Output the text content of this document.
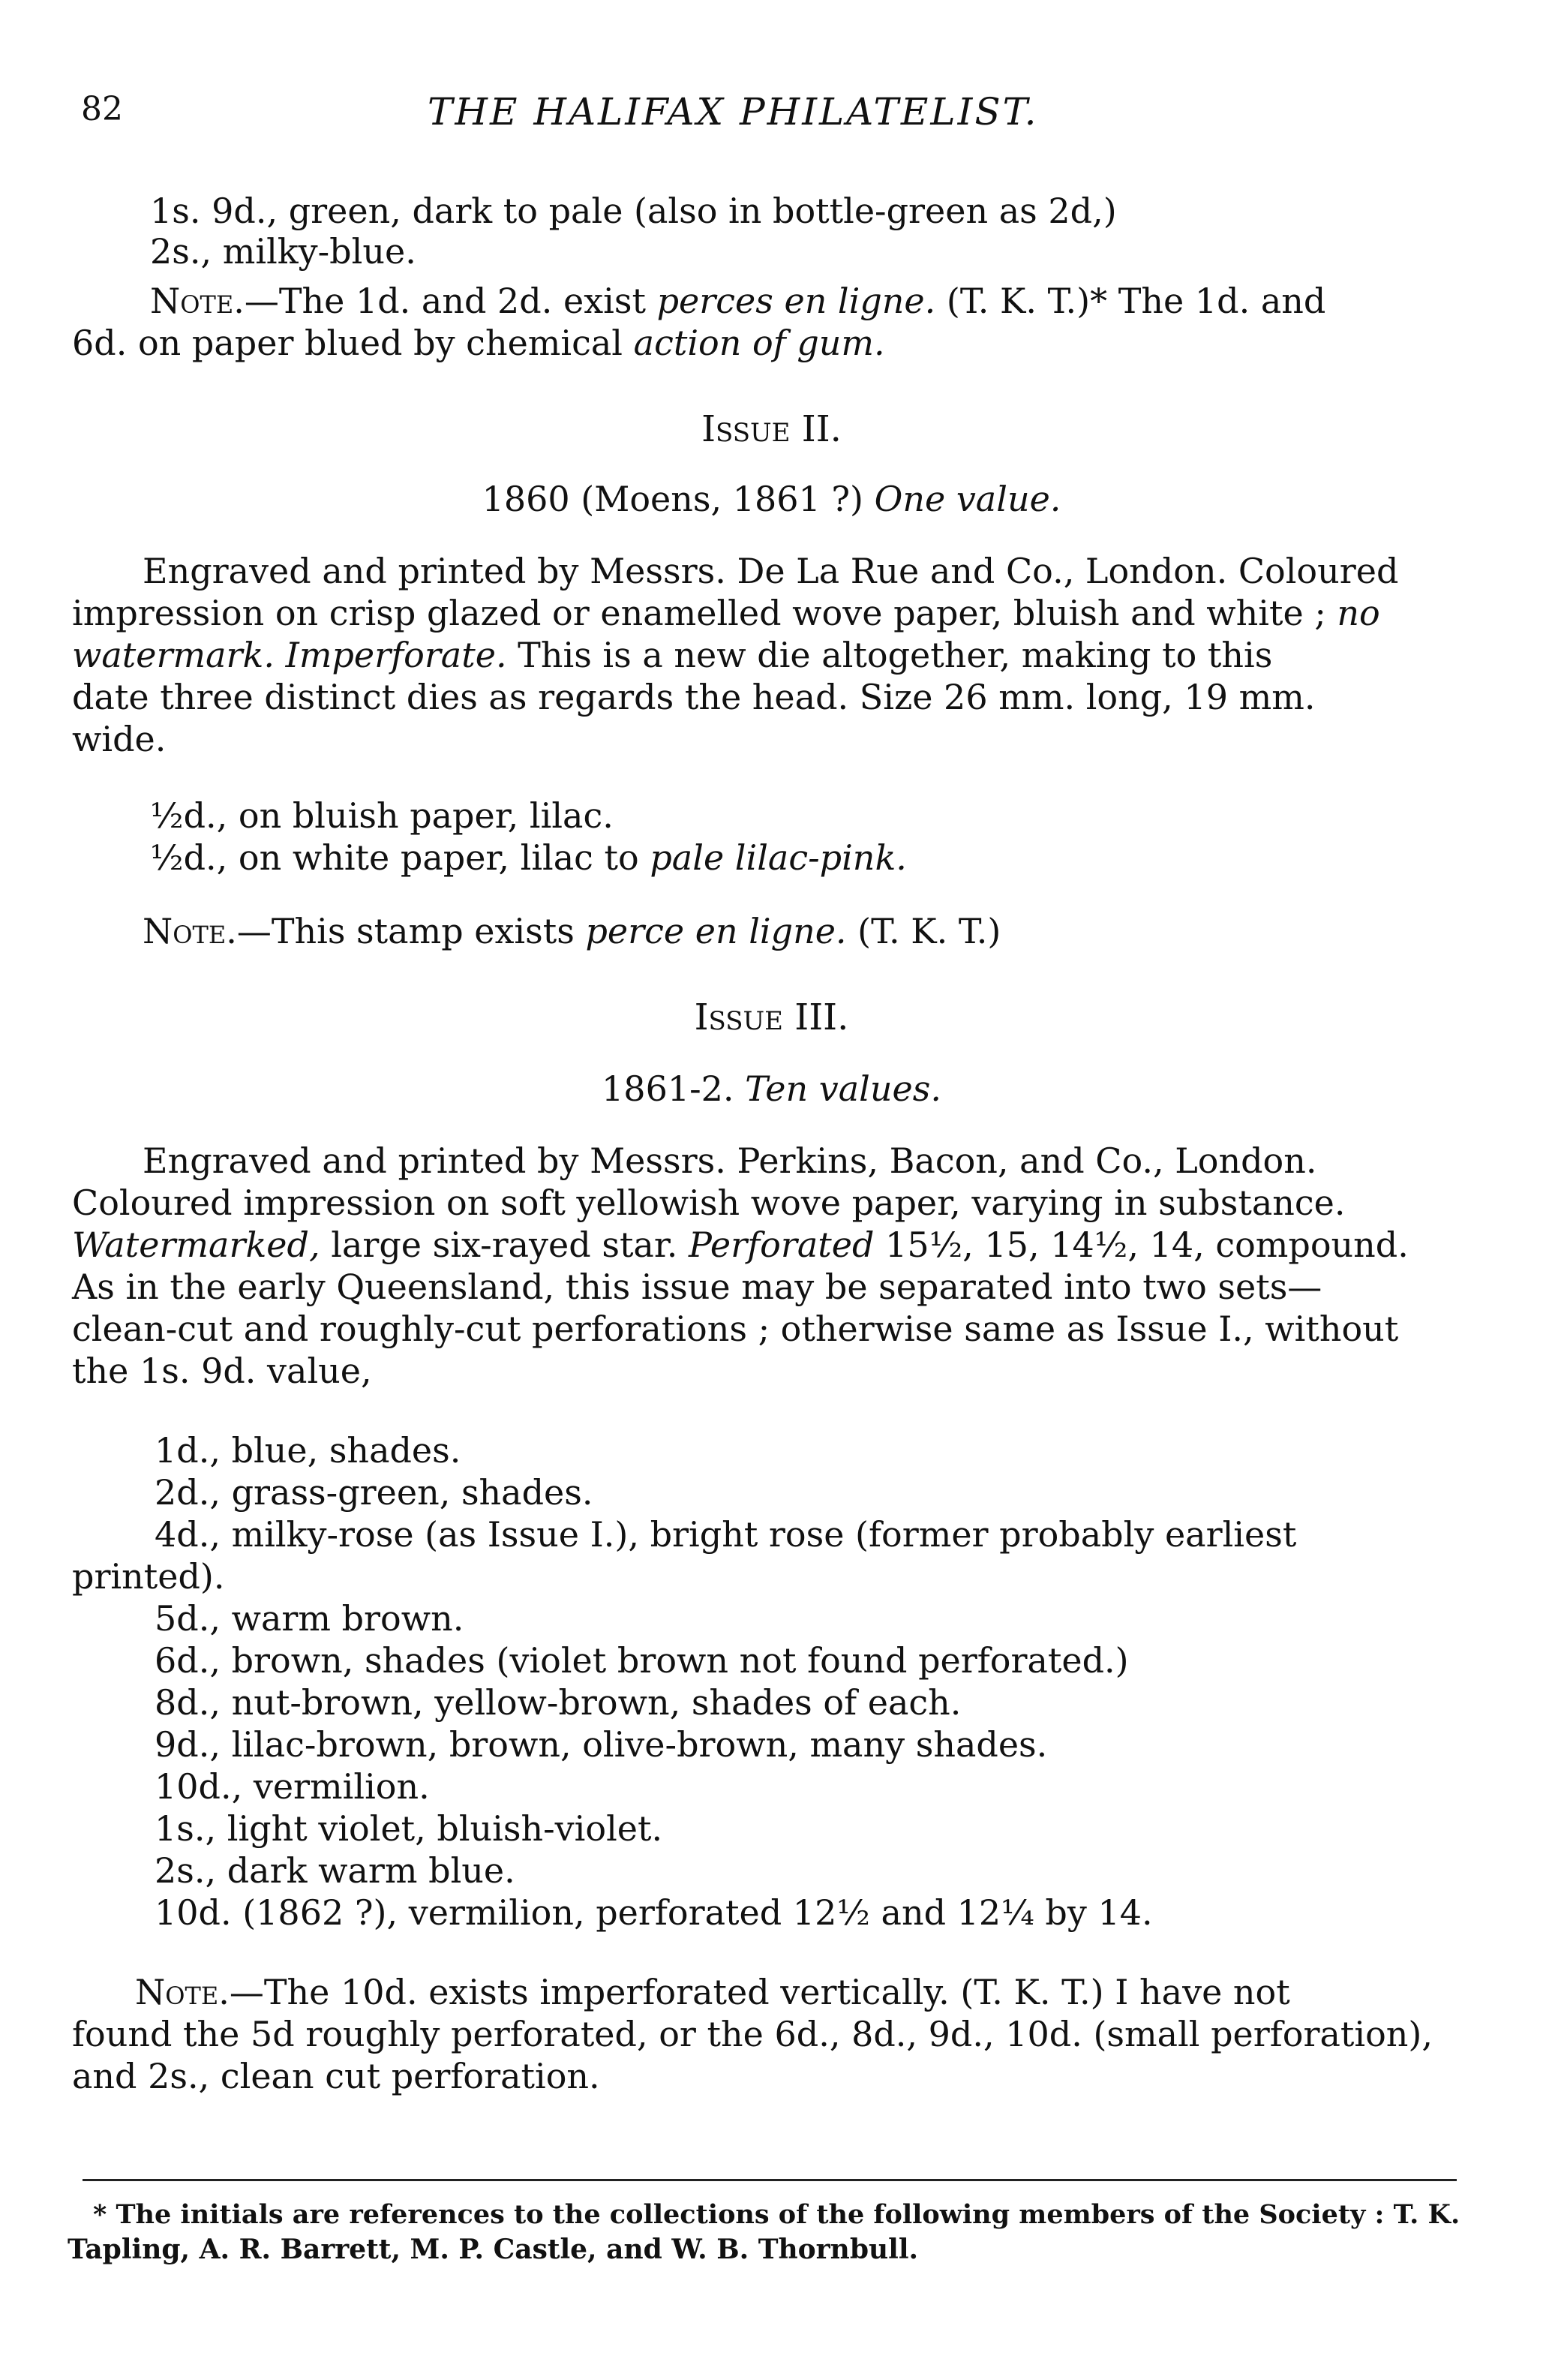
82	THE HALIFAX PHILATELIST.
1s. 9d., green, dark to pale (also in bottle-green as 2d,)
2s., milky-blue.
Note.—The 1d. and 2d. exist perces en ligne. (T. K. T.)* The 1d. and
6d. on paper blued by chemical action of gum.
Issue II.
1860 (Moens, 1861 ?) One value.
Engraved and printed by Messrs. De La Rue and Co., London. Coloured
impression on crisp glazed or enamelled wove paper, bluish and white ; no
watermark. Imperforate. This is a new die altogether, making to this
date three distinct dies as regards the head. Size 26 mm. long, 19 mm.
wide.
½d., on bluish paper, lilac.
½d., on white paper, lilac to pale lilac-pink.
Note.—This stamp exists perce en ligne. (T. K. T.)
Issue III.
1861-2. Ten values.
Engraved and printed by Messrs. Perkins, Bacon, and Co., London.
Coloured impression on soft yellowish wove paper, varying in substance.
Watermarked, large six-rayed star. Perforated 15½, 15, 14½, 14, compound.
As in the early Queensland, this issue may be separated into two sets—
clean-cut and roughly-cut perforations ; otherwise same as Issue I., without
the 1s. 9d. value,
1d., blue, shades.
2d., grass-green, shades.
4d., milky-rose (as Issue I.), bright rose (former probably earliest
printed).
5d., warm brown.
6d., brown, shades (violet brown not found perforated.)
8d., nut-brown, yellow-brown, shades of each.
9d., lilac-brown, brown, olive-brown, many shades.
10d., vermilion.
1s., light violet, bluish-violet.
2s., dark warm blue.
10d. (1862 ?), vermilion, perforated 12½ and 12¼ by 14.
Note.—The 10d. exists imperforated vertically. (T. K. T.) I have not
found the 5d roughly perforated, or the 6d., 8d., 9d., 10d. (small perforation),
and 2s., clean cut perforation.
* The initials are references to the collections of the following members of the Society : T. K.
Tapling, A. R. Barrett, M. P. Castle, and W. B. Thornbull.
